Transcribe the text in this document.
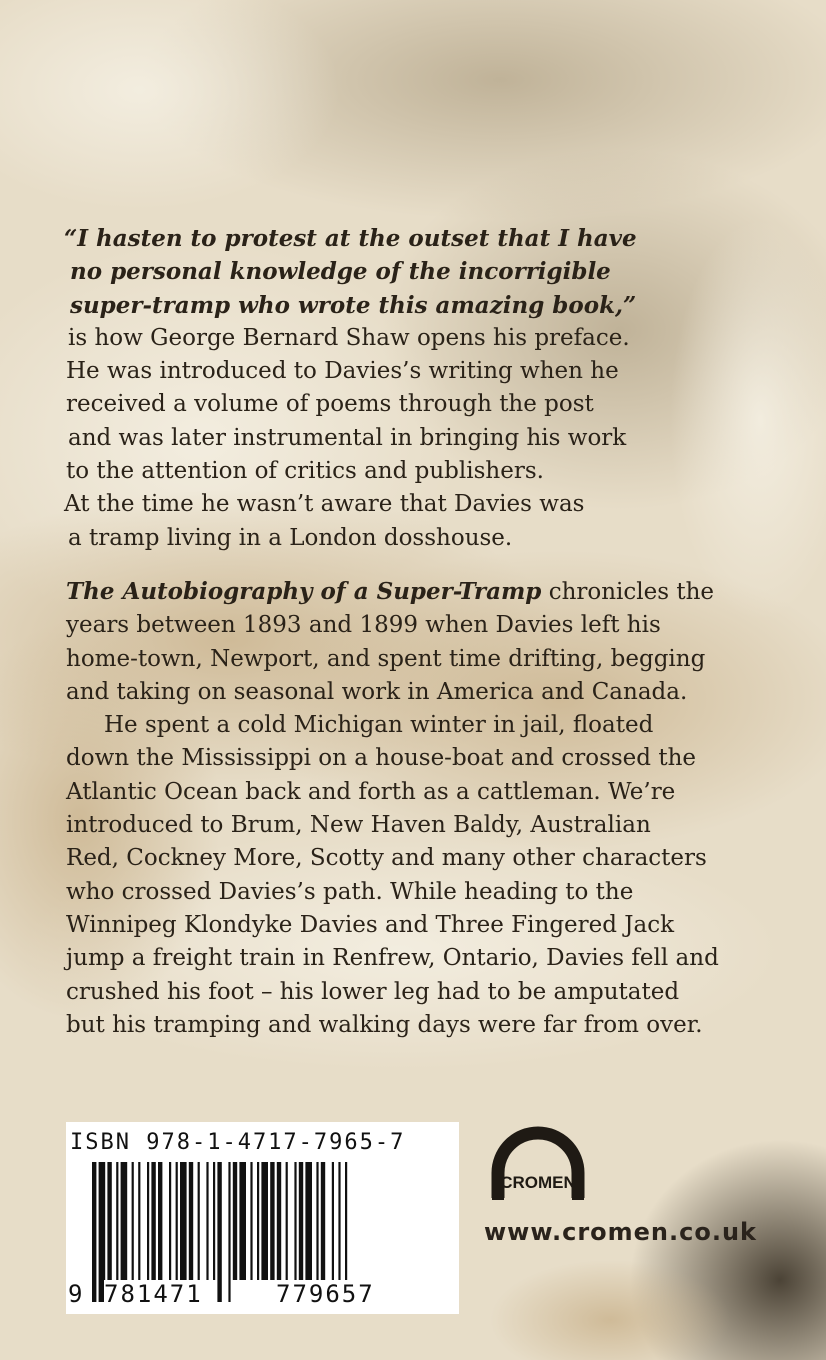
“I hasten to protest at the outset that I have
no personal knowledge of the incorrigible
super-tramp who wrote this amazing book,”

is how George Bernard Shaw opens his preface.
He was introduced to Davies’s writing when he
received a volume of poems through the post
and was later instrumental in bringing his work
to the attention of critics and publishers.
At the time he wasn’t aware that Davies was
a tramp living in a London dosshouse.

The Autobiography of a Super-Tramp chronicles the
years between 1893 and 1899 when Davies left his
home-town, Newport, and spent time drifting, begging
and taking on seasonal work in America and Canada.

He spent a cold Michigan winter in jail, floated
down the Mississippi on a house-boat and crossed the
Atlantic Ocean back and forth as a cattleman. We’re
introduced to Brum, New Haven Baldy, Australian
Red, Cockney More, Scotty and many other characters
who crossed Davies’s path. While heading to the
Winnipeg Klondyke Davies and Three Fingered Jack
jump a freight train in Renfrew, Ontario, Davies fell and
crushed his foot – his lower leg had to be amputated
but his tramping and walking days were far from over.

ISBN 978-1-4717-7965-7
9 781471	779657
CROMEN
www.cromen.co.uk
